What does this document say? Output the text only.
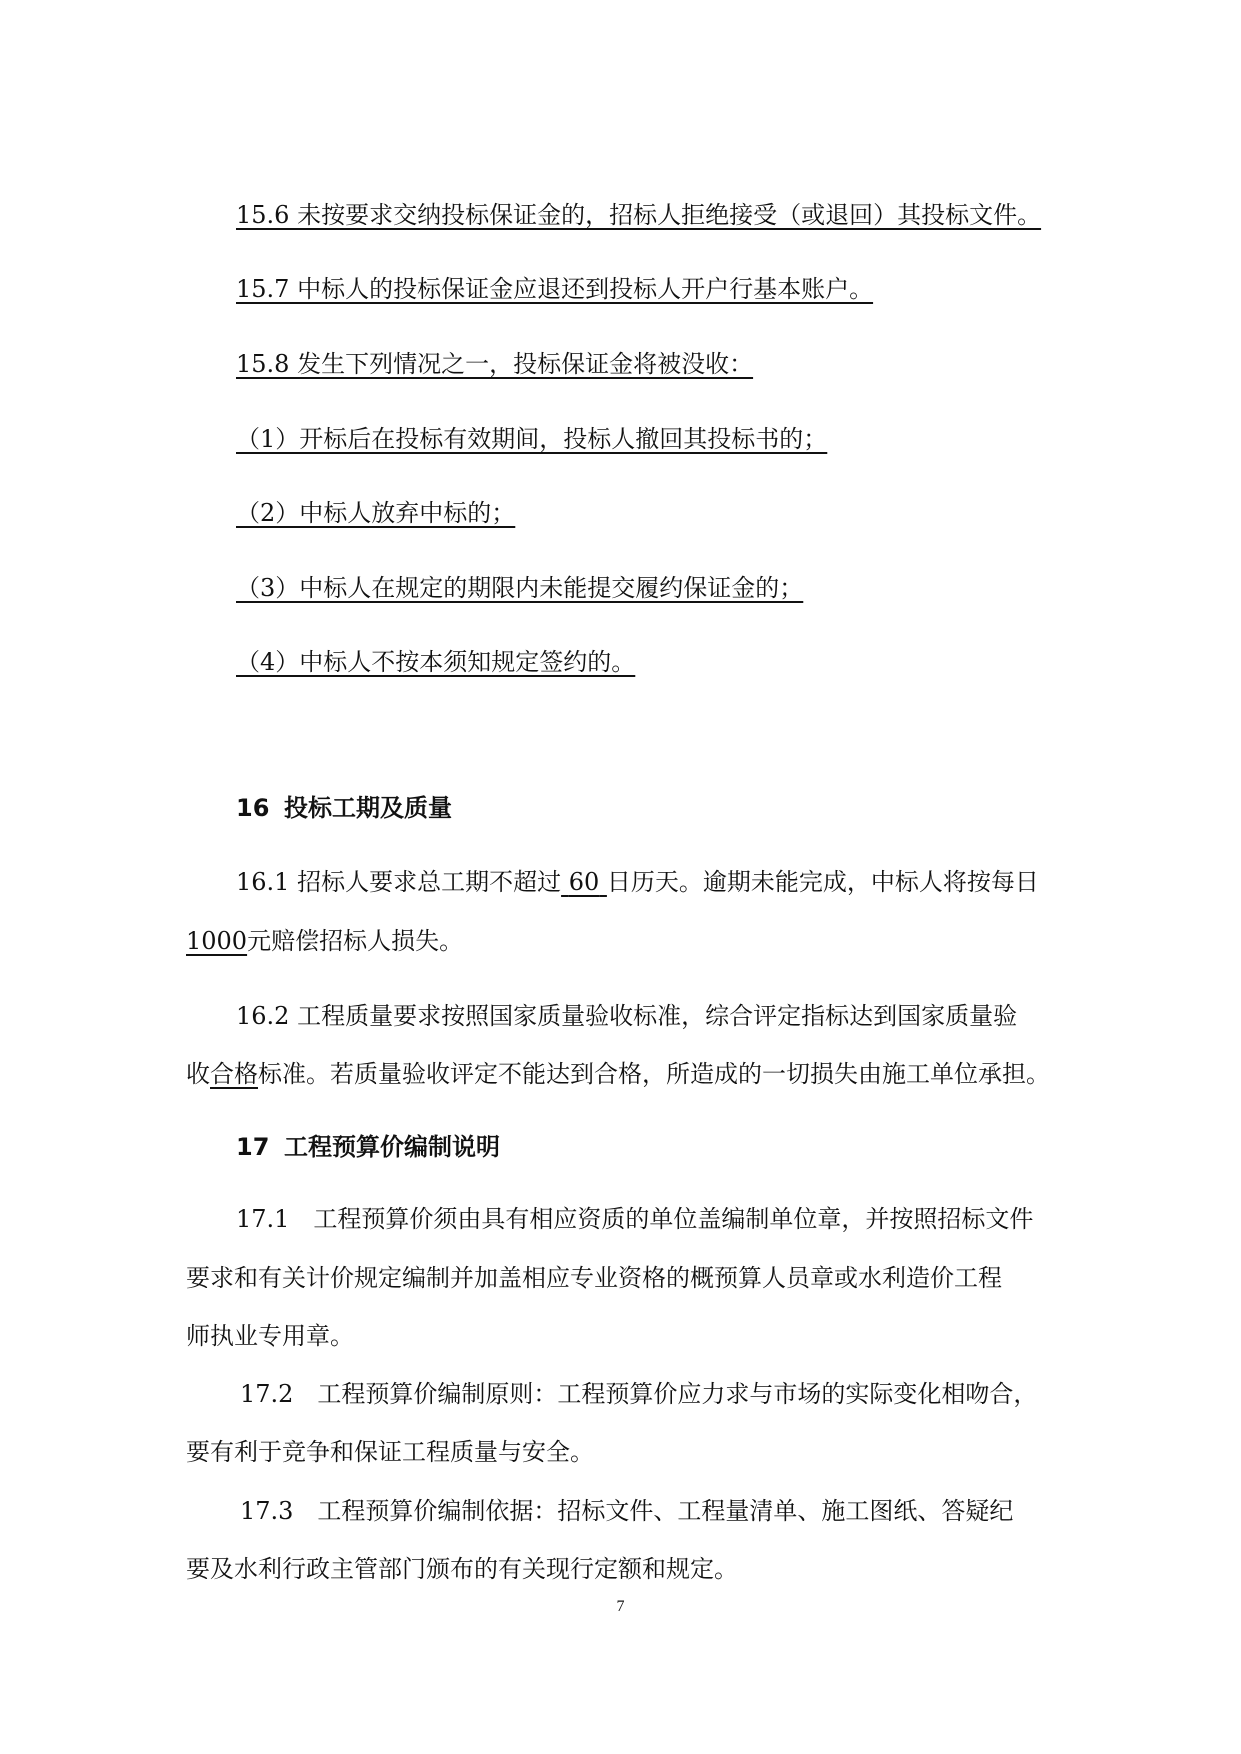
15.6 未按要求交纳投标保证金的，招标人拒绝接受（或退回）其投标文件。
15.7 中标人的投标保证金应退还到投标人开户行基本账户。
15.8 发生下列情况之一，投标保证金将被没收：
（1）开标后在投标有效期间，投标人撤回其投标书的；
（2）中标人放弃中标的；
（3）中标人在规定的期限内未能提交履约保证金的；
（4）中标人不按本须知规定签约的。
16 投标工期及质量
16.1 招标人要求总工期不超过 60 日历天。逾期未能完成，中标人将按每日
1000元赔偿招标人损失。
16.2 工程质量要求按照国家质量验收标准，综合评定指标达到国家质量验
收合格标准。若质量验收评定不能达到合格，所造成的一切损失由施工单位承担。
17 工程预算价编制说明
17.1　工程预算价须由具有相应资质的单位盖编制单位章，并按照招标文件
要求和有关计价规定编制并加盖相应专业资格的概预算人员章或水利造价工程
师执业专用章。
17.2　工程预算价编制原则：工程预算价应力求与市场的实际变化相吻合，
要有利于竞争和保证工程质量与安全。
17.3　工程预算价编制依据：招标文件、工程量清单、施工图纸、答疑纪
要及水利行政主管部门颁布的有关现行定额和规定。
7
